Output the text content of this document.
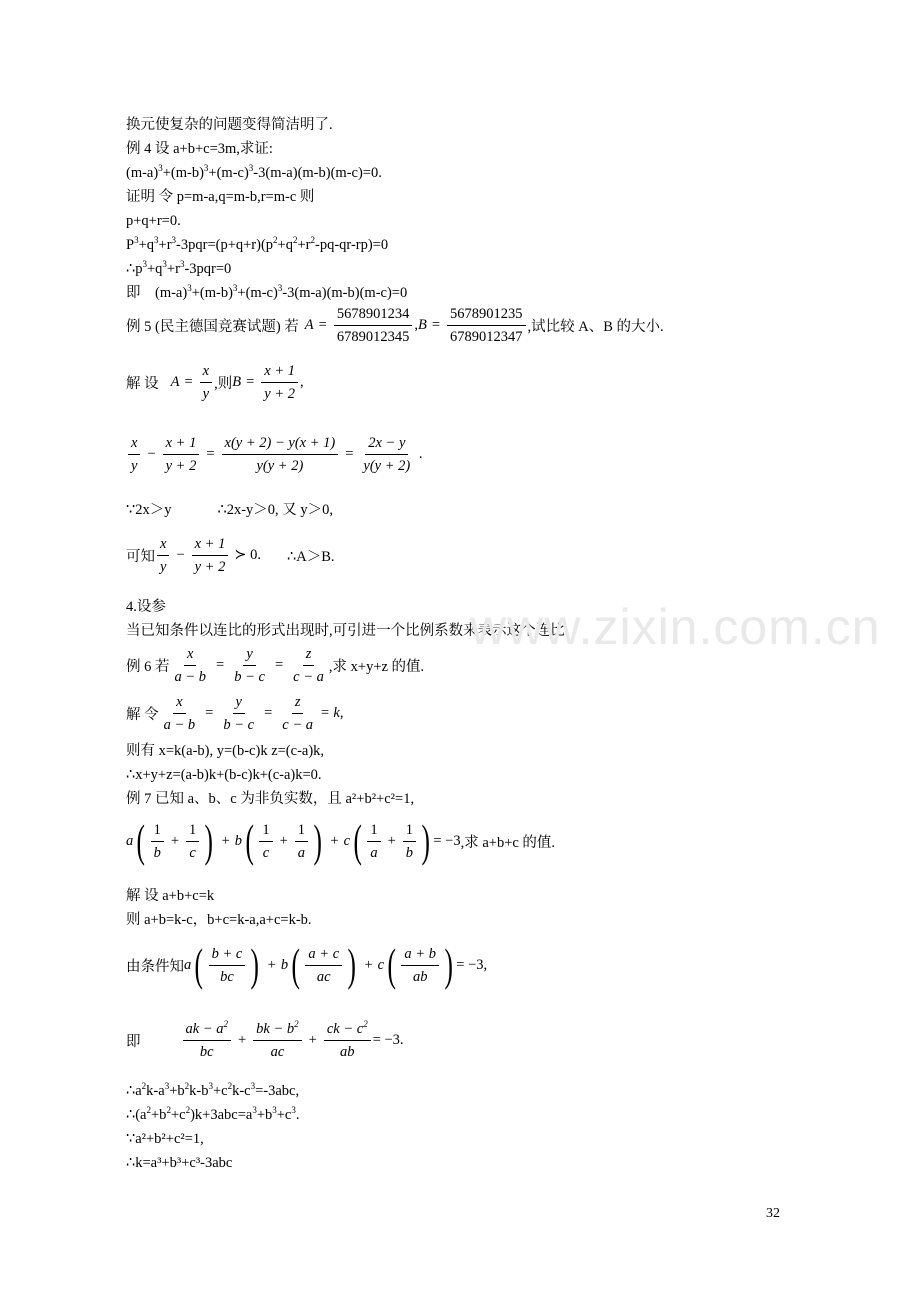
换元使复杂的问题变得简洁明了.
例 4 设 a+b+c=3m,求证:
$(m-a)^3+(m-b)^3+(m-c)^3-3(m-a)(m-b)(m-c)=0$.
证明 令 p=m-a,q=m-b,r=m-c 则
p+q+r=0.
$P^3+q^3+r^3-3pqr=(p+q+r)(p^2+q^2+r^2-pq-qr-rp)=0$
$\therefore p^3+q^3+r^3-3pqr=0$
即    $(m-a)^3+(m-b)^3+(m-c)^3-3(m-a)(m-b)(m-c)=0$
例 5 (民主德国竞赛试题) 若 $A = \frac{5678901234}{6789012345}$ , $B = \frac{5678901235}{6789012347}$ ,试比较 A、B 的大小.
解 设 $A = \frac{x}{y}$ ,则 $B = \frac{x + 1}{y + 2}$ ,
$\frac{x}{y} - \frac{x + 1}{y + 2} = \frac{x(y + 2) - y(x + 1)}{y(y + 2)} = \frac{2x - y}{y(y + 2)}$ .
∵2x＞y	∴2x-y＞0, 又 y＞0,
可知 $\frac{x}{y} - \frac{x + 1}{y + 2}$ ≻ 0. ∴A＞B.
4.设参
当已知条件以连比的形式出现时,可引进一个比例系数来表示这个连比.
例 6 若 $\frac{x}{a - b} = \frac{y}{b - c} = \frac{z}{c - a}$ ,求 x+y+z 的值.
解 令 $\frac{x}{a - b} = \frac{y}{b - c} = \frac{z}{c - a} = k$,
则有 x=k(a-b), y=(b-c)k z=(c-a)k,
∴x+y+z=(a-b)k+(b-c)k+(c-a)k=0.
例 7 已知 a、b、c 为非负实数，且 a²+b²+c²=1,
a ( $\frac{1}{b} + \frac{1}{c}$ ) + b ( $\frac{1}{c} + \frac{1}{a}$ ) + c ( $\frac{1}{a} + \frac{1}{b}$ ) = −3 ,求 a+b+c 的值.
解 设 a+b+c=k
则 a+b=k-c，b+c=k-a,a+c=k-b.
由条件知 a ( $\frac{b + c}{bc}$ ) + b ( $\frac{a + c}{ac}$ ) + c ( $\frac{a + b}{ab}$ ) = −3,
即	$\frac{ak - a^2}{bc} + \frac{bk - b^2}{ac} + \frac{ck - c^2}{ab} = -3$.
$\therefore a^2k-a^3+b^2k-b^3+c^2k-c^3=-3abc$,
$\therefore(a^2+b^2+c^2)k+3abc=a^3+b^3+c^3$.
∵a²+b²+c²=1,
∴k=a³+b³+c³-3abc
www.zixin.com.cn
32
